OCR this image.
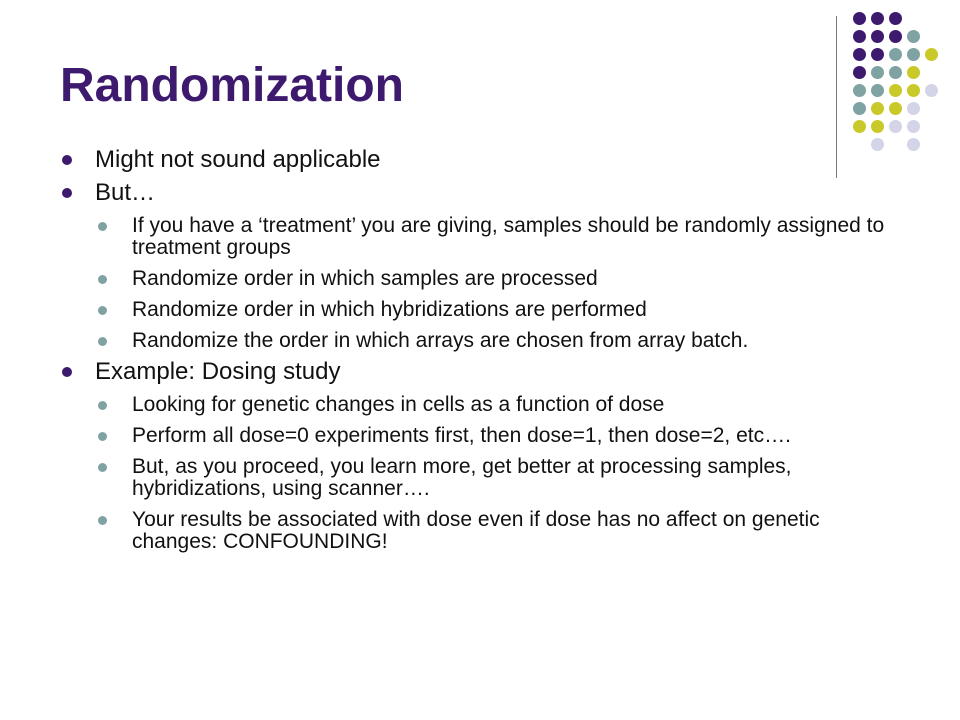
Randomization
Might not sound applicable
But…
If you have a ‘treatment’ you are giving, samples should be randomly assigned to treatment groups
Randomize order in which samples are processed
Randomize order in which hybridizations are performed
Randomize the order in which arrays are chosen from array batch.
Example: Dosing study
Looking for genetic changes in cells as a function of dose
Perform all dose=0 experiments first, then dose=1, then dose=2, etc….
But, as you proceed, you learn more, get better at processing samples, hybridizations, using scanner….
Your results be associated with dose even if dose has no affect on genetic changes: CONFOUNDING!
